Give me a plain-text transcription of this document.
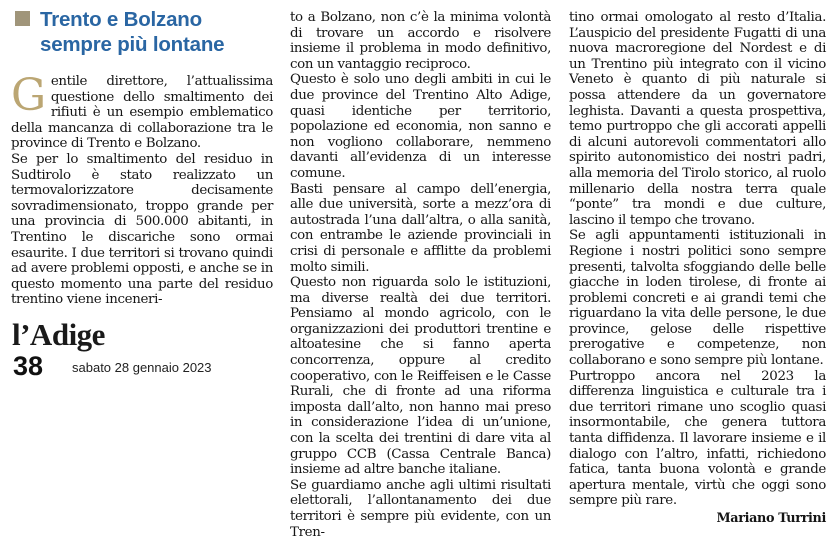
Trento e Bolzano
sempre più lontane

Gentile direttore, l’attualissima questione dello smaltimento dei rifiuti è un esempio emblematico della mancanza di collaborazione tra le province di Trento e Bolzano.

Se per lo smaltimento del residuo in Sudtirolo è stato realizzato un termovalorizzatore decisamente sovradimensionato, troppo grande per una provincia di 500.000 abitanti, in Trentino le discariche sono ormai esaurite. I due territori si trovano quindi ad avere problemi opposti, e anche se in questo momento una parte del residuo trentino viene inceneri-

l’Adige
38 sabato 28 gennaio 2023

to a Bolzano, non c’è la minima volontà di trovare un accordo e risolvere insieme il problema in modo definitivo, con un vantaggio reciproco.

Questo è solo uno degli ambiti in cui le due province del Trentino Alto Adige, quasi identiche per territorio, popolazione ed economia, non sanno e non vogliono collaborare, nemmeno davanti all’evidenza di un interesse comune.

Basti pensare al campo dell’energia, alle due università, sorte a mezz’ora di autostrada l’una dall’altra, o alla sanità, con entrambe le aziende provinciali in crisi di personale e afflitte da problemi molto simili.

Questo non riguarda solo le istituzioni, ma diverse realtà dei due territori. Pensiamo al mondo agricolo, con le organizzazioni dei produttori trentine e altoatesine che si fanno aperta concorrenza, oppure al credito cooperativo, con le Reiffeisen e le Casse Rurali, che di fronte ad una riforma imposta dall’alto, non hanno mai preso in considerazione l’idea di un’unione, con la scelta dei trentini di dare vita al gruppo CCB (Cassa Centrale Banca) insieme ad altre banche italiane.

Se guardiamo anche agli ultimi risultati elettorali, l’allontanamento dei due territori è sempre più evidente, con un Tren-

tino ormai omologato al resto d’Italia. L’auspicio del presidente Fugatti di una nuova macroregione del Nordest e di un Trentino più integrato con il vicino Veneto è quanto di più naturale si possa attendere da un governatore leghista. Davanti a questa prospettiva, temo purtroppo che gli accorati appelli di alcuni autorevoli commentatori allo spirito autonomistico dei nostri padri, alla memoria del Tirolo storico, al ruolo millenario della nostra terra quale “ponte” tra mondi e due culture, lascino il tempo che trovano.

Se agli appuntamenti istituzionali in Regione i nostri politici sono sempre presenti, talvolta sfoggiando delle belle giacche in loden tirolese, di fronte ai problemi concreti e ai grandi temi che riguardano la vita delle persone, le due province, gelose delle rispettive prerogative e competenze, non collaborano e sono sempre più lontane.

Purtroppo ancora nel 2023 la differenza linguistica e culturale tra i due territori rimane uno scoglio quasi insormontabile, che genera tuttora tanta diffidenza. Il lavorare insieme e il dialogo con l’altro, infatti, richiedono fatica, tanta buona volontà e grande apertura mentale, virtù che oggi sono sempre più rare.

Mariano Turrini
